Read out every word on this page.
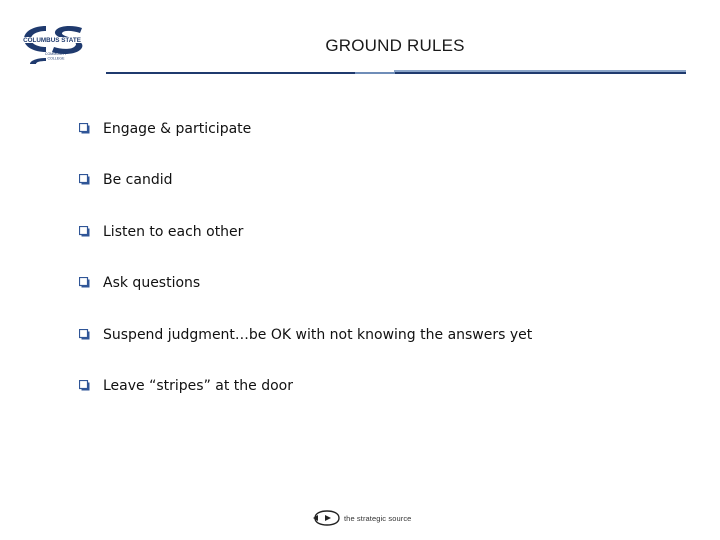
COLUMBUS STATE
COMMUNITY
COLLEGE
GROUND RULES
Engage & participate
Be candid
Listen to each other
Ask questions
Suspend judgment…be OK with not knowing the answers yet
Leave “stripes” at the door
the strategic source
